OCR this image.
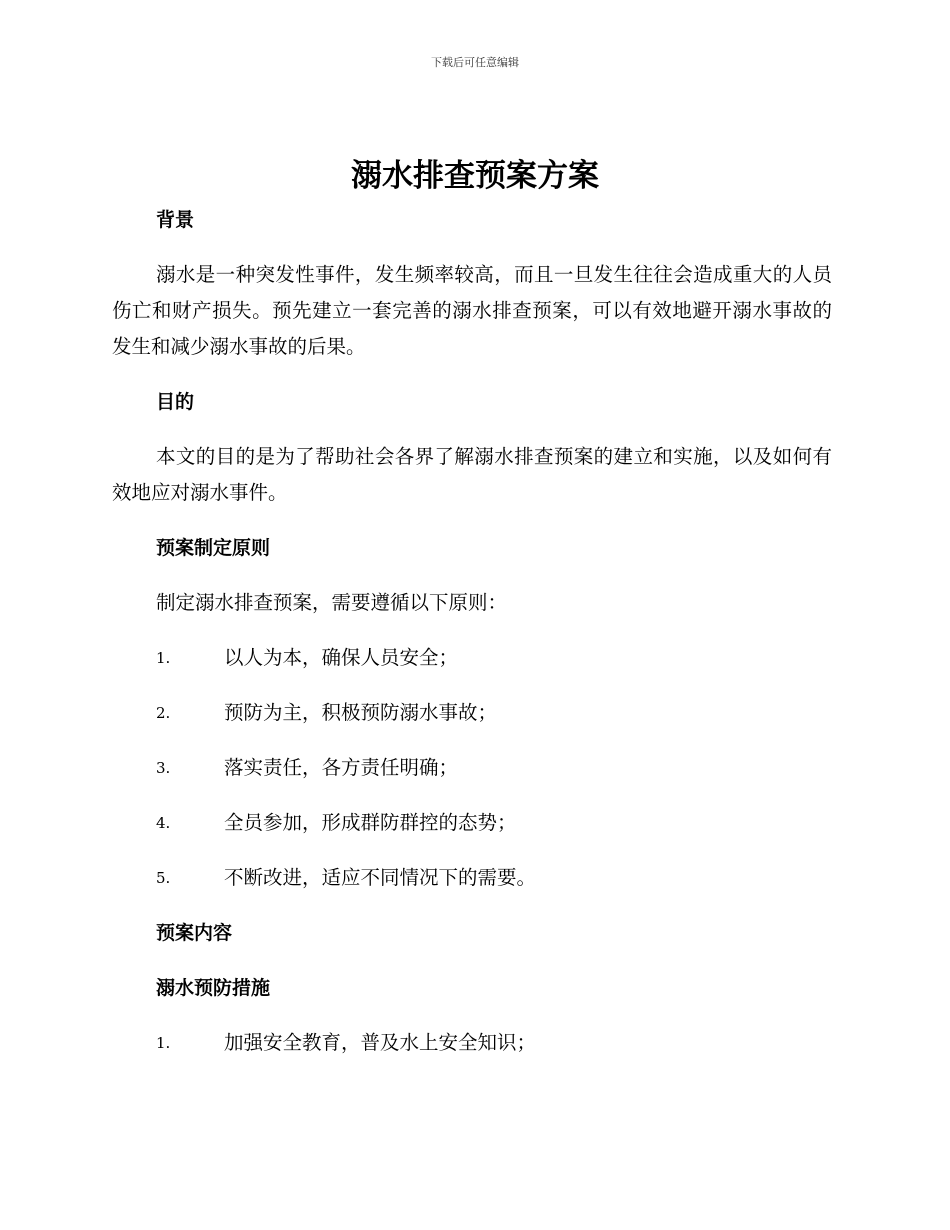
下载后可任意编辑
溺水排查预案方案
背景

溺水是一种突发性事件，发生频率较高，而且一旦发生往往会造成重大的人员伤亡和财产损失。预先建立一套完善的溺水排查预案，可以有效地避开溺水事故的发生和减少溺水事故的后果。

目的

本文的目的是为了帮助社会各界了解溺水排查预案的建立和实施，以及如何有效地应对溺水事件。

预案制定原则

制定溺水排查预案，需要遵循以下原则：

1.	以人为本，确保人员安全；
2.	预防为主，积极预防溺水事故；
3.	落实责任，各方责任明确；
4.	全员参加，形成群防群控的态势；
5.	不断改进，适应不同情况下的需要。
预案内容
溺水预防措施
1.	加强安全教育，普及水上安全知识；
